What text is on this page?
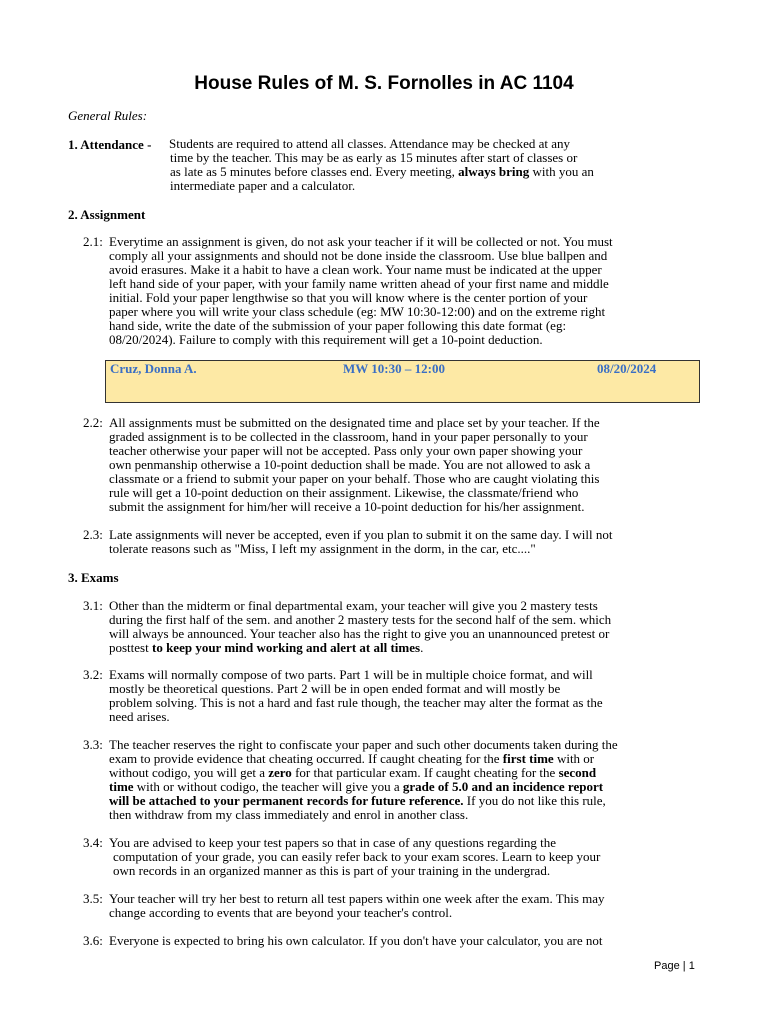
House Rules of M. S. Fornolles in AC 1104
General Rules:
1. Attendance - Students are required to attend all classes. Attendance may be checked at any

time by the teacher. This may be as early as 15 minutes after start of classes or

as late as 5 minutes before classes end. Every meeting, always bring with you an

intermediate paper and a calculator.

2. Assignment
2.1: Everytime an assignment is given, do not ask your teacher if it will be collected or not. You must

comply all your assignments and should not be done inside the classroom. Use blue ballpen and

avoid erasures. Make it a habit to have a clean work. Your name must be indicated at the upper

left hand side of your paper, with your family name written ahead of your first name and middle

initial. Fold your paper lengthwise so that you will know where is the center portion of your

paper where you will write your class schedule (eg: MW 10:30-12:00) and on the extreme right

hand side, write the date of the submission of your paper following this date format (eg:

08/20/2024). Failure to comply with this requirement will get a 10-point deduction.

Cruz, Donna A.	MW 10:30 – 12:00	08/20/2024
2.2: All assignments must be submitted on the designated time and place set by your teacher. If the

graded assignment is to be collected in the classroom, hand in your paper personally to your

teacher otherwise your paper will not be accepted. Pass only your own paper showing your

own penmanship otherwise a 10-point deduction shall be made. You are not allowed to ask a

classmate or a friend to submit your paper on your behalf. Those who are caught violating this

rule will get a 10-point deduction on their assignment. Likewise, the classmate/friend who

submit the assignment for him/her will receive a 10-point deduction for his/her assignment.

2.3: Late assignments will never be accepted, even if you plan to submit it on the same day. I will not

tolerate reasons such as "Miss, I left my assignment in the dorm, in the car, etc...."

3. Exams
3.1: Other than the midterm or final departmental exam, your teacher will give you 2 mastery tests

during the first half of the sem. and another 2 mastery tests for the second half of the sem. which

will always be announced. Your teacher also has the right to give you an unannounced pretest or

posttest to keep your mind working and alert at all times.

3.2: Exams will normally compose of two parts. Part 1 will be in multiple choice format, and will

mostly be theoretical questions. Part 2 will be in open ended format and will mostly be

problem solving. This is not a hard and fast rule though, the teacher may alter the format as the

need arises.

3.3: The teacher reserves the right to confiscate your paper and such other documents taken during the

exam to provide evidence that cheating occurred. If caught cheating for the first time with or

without codigo, you will get a zero for that particular exam. If caught cheating for the second

time with or without codigo, the teacher will give you a grade of 5.0 and an incidence report

will be attached to your permanent records for future reference. If you do not like this rule,

then withdraw from my class immediately and enrol in another class.

3.4: You are advised to keep your test papers so that in case of any questions regarding the

computation of your grade, you can easily refer back to your exam scores. Learn to keep your

own records in an organized manner as this is part of your training in the undergrad.

3.5: Your teacher will try her best to return all test papers within one week after the exam. This may

change according to events that are beyond your teacher's control.

3.6: Everyone is expected to bring his own calculator. If you don't have your calculator, you are not

Page | 1
